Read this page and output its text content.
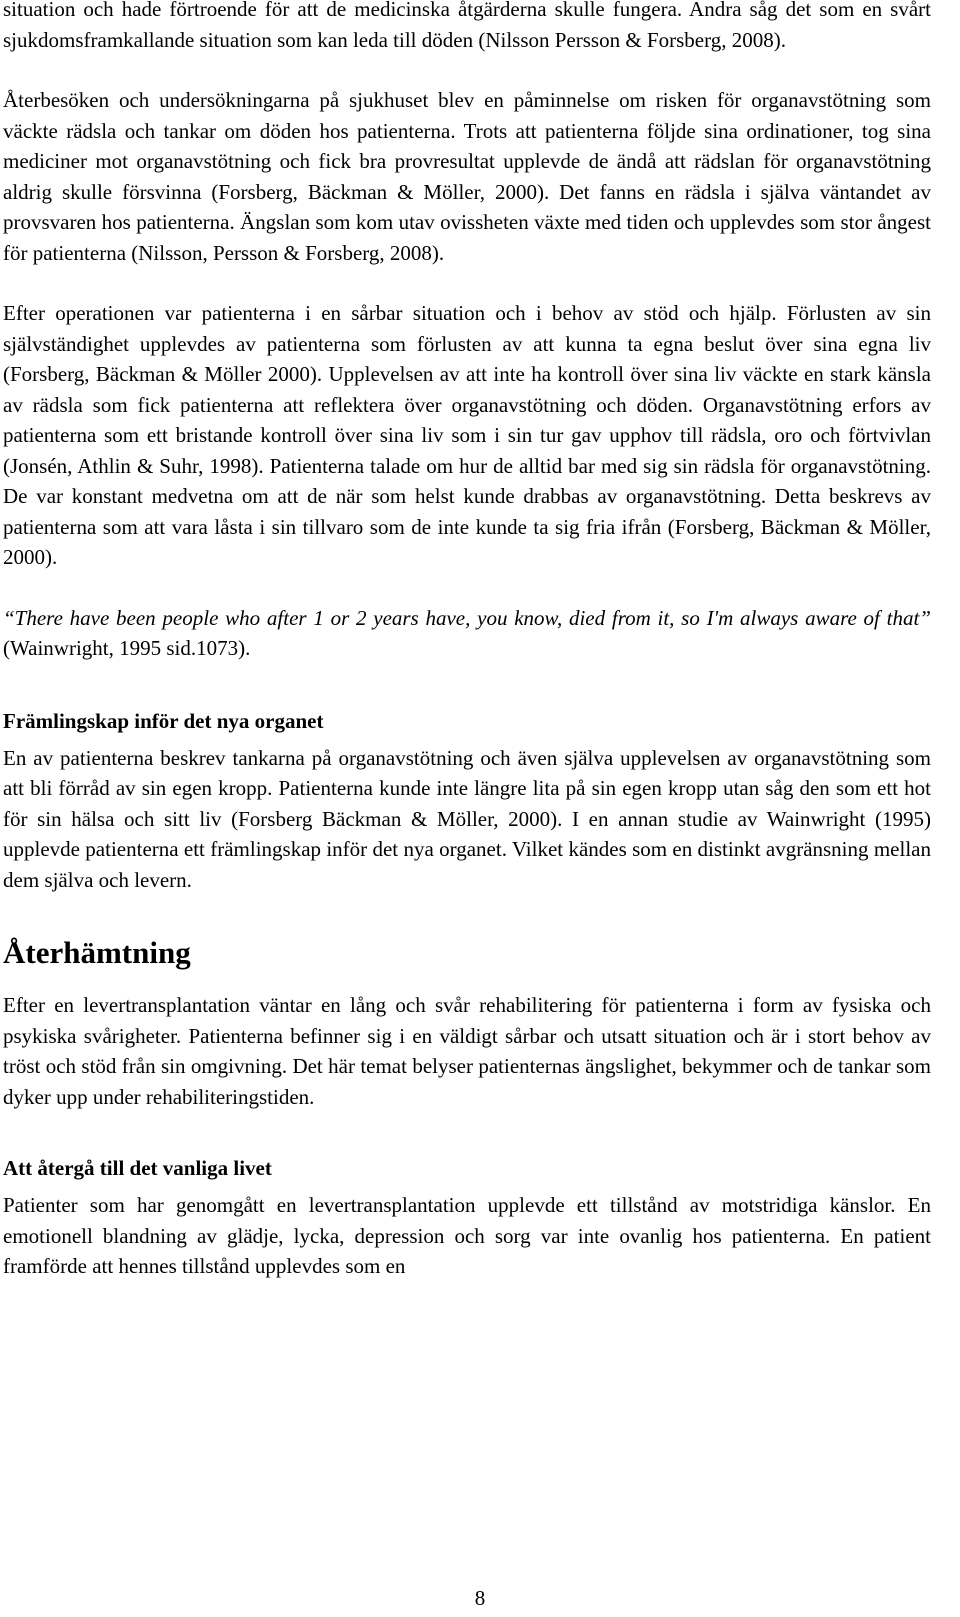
situation och hade förtroende för att de medicinska åtgärderna skulle fungera. Andra såg det som en svårt sjukdomsframkallande situation som kan leda till döden (Nilsson Persson & Forsberg, 2008).

Återbesöken och undersökningarna på sjukhuset blev en påminnelse om risken för organavstötning som väckte rädsla och tankar om döden hos patienterna. Trots att patienterna följde sina ordinationer, tog sina mediciner mot organavstötning och fick bra provresultat upplevde de ändå att rädslan för organavstötning aldrig skulle försvinna (Forsberg, Bäckman & Möller, 2000). Det fanns en rädsla i själva väntandet av provsvaren hos patienterna. Ängslan som kom utav ovissheten växte med tiden och upplevdes som stor ångest för patienterna (Nilsson, Persson & Forsberg, 2008).

Efter operationen var patienterna i en sårbar situation och i behov av stöd och hjälp. Förlusten av sin självständighet upplevdes av patienterna som förlusten av att kunna ta egna beslut över sina egna liv (Forsberg, Bäckman & Möller 2000). Upplevelsen av att inte ha kontroll över sina liv väckte en stark känsla av rädsla som fick patienterna att reflektera över organavstötning och döden. Organavstötning erfors av patienterna som ett bristande kontroll över sina liv som i sin tur gav upphov till rädsla, oro och förtvivlan (Jonsén, Athlin & Suhr, 1998). Patienterna talade om hur de alltid bar med sig sin rädsla för organavstötning. De var konstant medvetna om att de när som helst kunde drabbas av organavstötning. Detta beskrevs av patienterna som att vara låsta i sin tillvaro som de inte kunde ta sig fria ifrån (Forsberg, Bäckman & Möller, 2000).

“There have been people who after 1 or 2 years have, you know, died from it, so I'm always aware of that” (Wainwright, 1995 sid.1073).

Främlingskap inför det nya organet

En av patienterna beskrev tankarna på organavstötning och även själva upplevelsen av organavstötning som att bli förråd av sin egen kropp. Patienterna kunde inte längre lita på sin egen kropp utan såg den som ett hot för sin hälsa och sitt liv (Forsberg Bäckman & Möller, 2000). I en annan studie av Wainwright (1995) upplevde patienterna ett främlingskap inför det nya organet. Vilket kändes som en distinkt avgränsning mellan dem själva och levern.

Återhämtning

Efter en levertransplantation väntar en lång och svår rehabilitering för patienterna i form av fysiska och psykiska svårigheter. Patienterna befinner sig i en väldigt sårbar och utsatt situation och är i stort behov av tröst och stöd från sin omgivning. Det här temat belyser patienternas ängslighet, bekymmer och de tankar som dyker upp under rehabiliteringstiden.

Att återgå till det vanliga livet

Patienter som har genomgått en levertransplantation upplevde ett tillstånd av motstridiga känslor. En emotionell blandning av glädje, lycka, depression och sorg var inte ovanlig hos patienterna. En patient framförde att hennes tillstånd upplevdes som en

8
